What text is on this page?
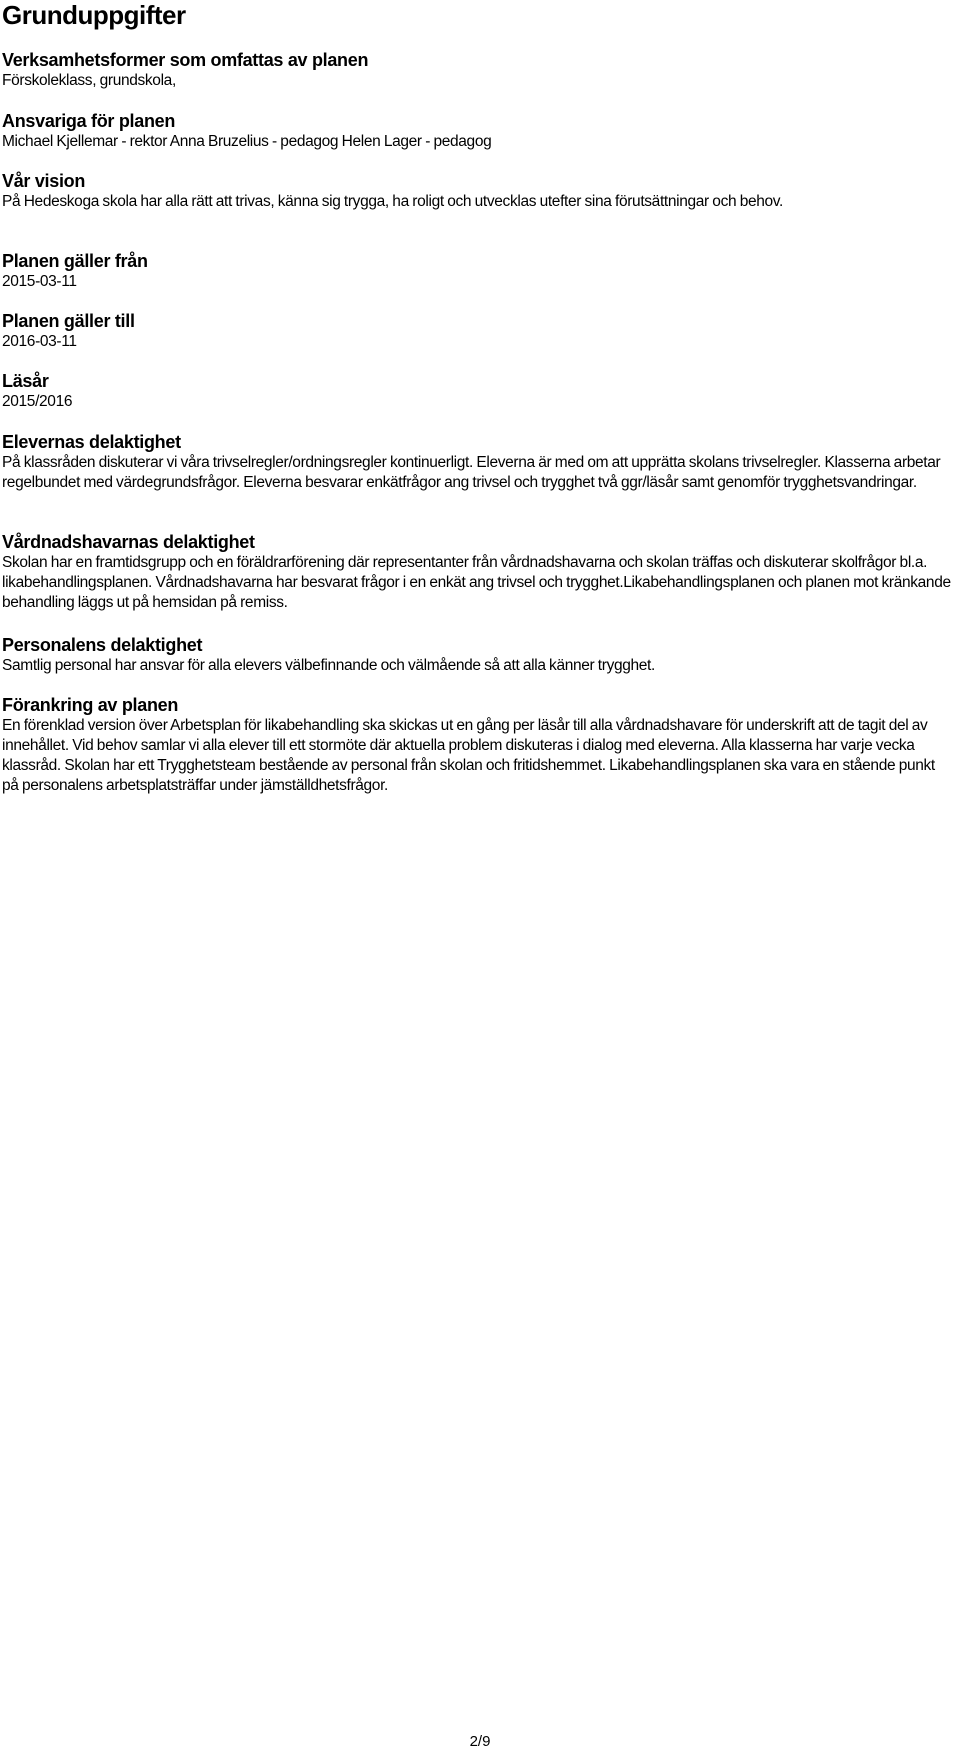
Grunduppgifter
Verksamhetsformer som omfattas av planen

Förskoleklass, grundskola,

Ansvariga för planen

Michael Kjellemar - rektor Anna Bruzelius - pedagog Helen Lager - pedagog

Vår vision

På Hedeskoga skola har alla rätt att trivas, känna sig trygga, ha roligt och utvecklas utefter sina förutsättningar och behov.

Planen gäller från

2015-03-11

Planen gäller till

2016-03-11

Läsår

2015/2016

Elevernas delaktighet

På klassråden diskuterar vi våra trivselregler/ordningsregler kontinuerligt. Eleverna är med om att upprätta skolans trivselregler. Klasserna arbetar regelbundet med värdegrundsfrågor. Eleverna besvarar enkätfrågor ang trivsel och trygghet två ggr/läsår samt genomför trygghetsvandringar.

Vårdnadshavarnas delaktighet

Skolan har en framtidsgrupp och en föräldrarförening där representanter från vårdnadshavarna och skolan träffas och diskuterar skolfrågor bl.a. likabehandlingsplanen. Vårdnadshavarna har besvarat frågor i en enkät ang trivsel och trygghet.Likabehandlingsplanen och planen mot kränkande behandling läggs ut på hemsidan på remiss.

Personalens delaktighet

Samtlig personal har ansvar för alla elevers välbefinnande och välmående så att alla känner trygghet.

Förankring av planen

En förenklad version över Arbetsplan för likabehandling ska skickas ut en gång per läsår till alla vårdnadshavare för underskrift att de tagit del av innehållet. Vid behov samlar vi alla elever till ett stormöte där aktuella problem diskuteras i dialog med eleverna. Alla klasserna har varje vecka klassråd. Skolan har ett Trygghetsteam bestående av personal från skolan och fritidshemmet. Likabehandlingsplanen ska vara en stående punkt på personalens arbetsplatsträffar under jämställdhetsfrågor.

2/9
